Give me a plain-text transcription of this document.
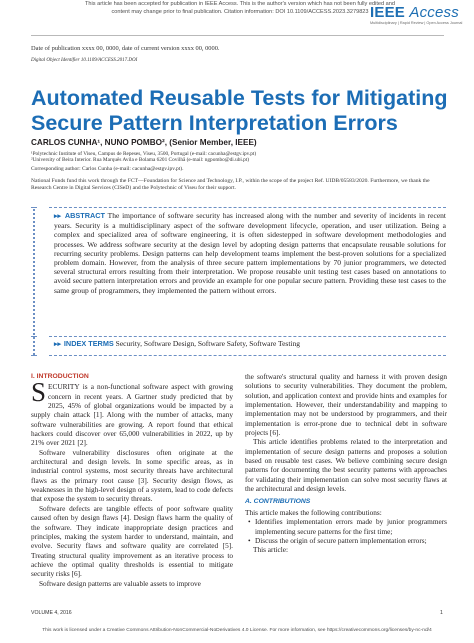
This article has been accepted for publication in IEEE Access. This is the author's version which has not been fully edited and
content may change prior to final publication. Citation information: DOI 10.1109/ACCESS.2023.3279823 IEEE Access
Multidisciplinary | Rapid Review | Open Access Journal
Date of publication xxxx 00, 0000, date of current version xxxx 00, 0000.
Digital Object Identifier 10.1109/ACCESS.2017.DOI
Automated Reusable Tests for Mitigating Secure Pattern Interpretation Errors
CARLOS CUNHA¹, NUNO POMBO², (Senior Member, IEEE)
¹Polytechnic Institute of Viseu, Campus de Repeses, Viseu, 3500, Portugal (e-mail: cacunha@estgv.ipv.pt)
²University of Beira Interior. Rua Marquês Avila e Bolama 6201 Covilhã (e-mail: ngpombo@di.ubi.pt)
Corresponding author: Carlos Cunha (e-mail: cacunha@estgv.ipv.pt).
National Funds fund this work through the FCT—Foundation for Science and Technology, I.P., within the scope of the project Ref. UIDB/05583/2020. Furthermore, we thank the Research Centre in Digital Services (CISeD) and the Polytechnic of Viseu for their support.
▸▸ ABSTRACT The importance of software security has increased along with the number and severity of incidents in recent years. Security is a multidisciplinary aspect of the software development lifecycle, operation, and user utilization. Being a complex and specialized area of software engineering, it is often sidestepped in software development methodologies and processes. We address software security at the design level by adopting design patterns that encapsulate reusable solutions for recurring security problems. Design patterns can help development teams implement the best-proven solutions for a specialized problem domain. However, from the analysis of three secure pattern implementations by 70 junior programmers, we detected several structural errors resulting from their interpretation. We propose reusable unit testing test cases based on annotations to avoid secure pattern interpretation errors and provide an example for one popular secure pattern. Providing these test cases to the same group of programmers, they implemented the pattern without errors.
▸▸ INDEX TERMS Security, Software Design, Software Safety, Software Testing
I. INTRODUCTION

SECURITY is a non-functional software aspect with growing concern in recent years. A Gartner study predicted that by 2025, 45% of global organizations would be impacted by a supply chain attack [1]. Along with the number of attacks, many software vulnerabilities are growing. A report found that ethical hackers could discover over 65,000 vulnerabilities in 2022, up by 21% over 2021 [2].

Software vulnerability disclosures often originate at the architectural and design levels. In some specific areas, as in industrial control systems, most security threats have architectural flaws as the primary root cause [3]. Security design flows, as weaknesses in the high-level design of a system, lead to code defects that expose the system to security threats.

Software defects are tangible effects of poor software quality caused often by design flaws [4]. Design flaws harm the quality of the software. They indicate inappropriate design practices and principles, making the system harder to understand, maintain, and evolve. Security flaws and software quality are correlated [5]. Treating structural quality improvement as an iterative process to achieve the optimal quality thresholds is essential to mitigate security risks [6].

Software design patterns are valuable assets to improve

the software's structural quality and harness it with proven design solutions to security vulnerabilities. They document the problem, solution, and application context and provide hints and examples for implementation. However, their understandability and mapping to implementation may not be understood by programmers, and their implementation is error-prone due to technical debt in software projects [6].

This article identifies problems related to the interpretation and implementation of secure design patterns and proposes a solution based on reusable test cases. We believe combining secure design patterns for documenting the best security patterns with approaches for validating their implementation can solve most security flaws at the architectural and design levels.

A. CONTRIBUTIONS

This article makes the following contributions:

• Identifies implementation errors made by junior programmers implementing secure patterns for the first time;
• Discuss the origin of secure pattern implementation errors;

This article:

VOLUME 4, 2016	1
This work is licensed under a Creative Commons Attribution-NonCommercial-NoDerivatives 4.0 License. For more information, see https://creativecommons.org/licenses/by-nc-nd/4
